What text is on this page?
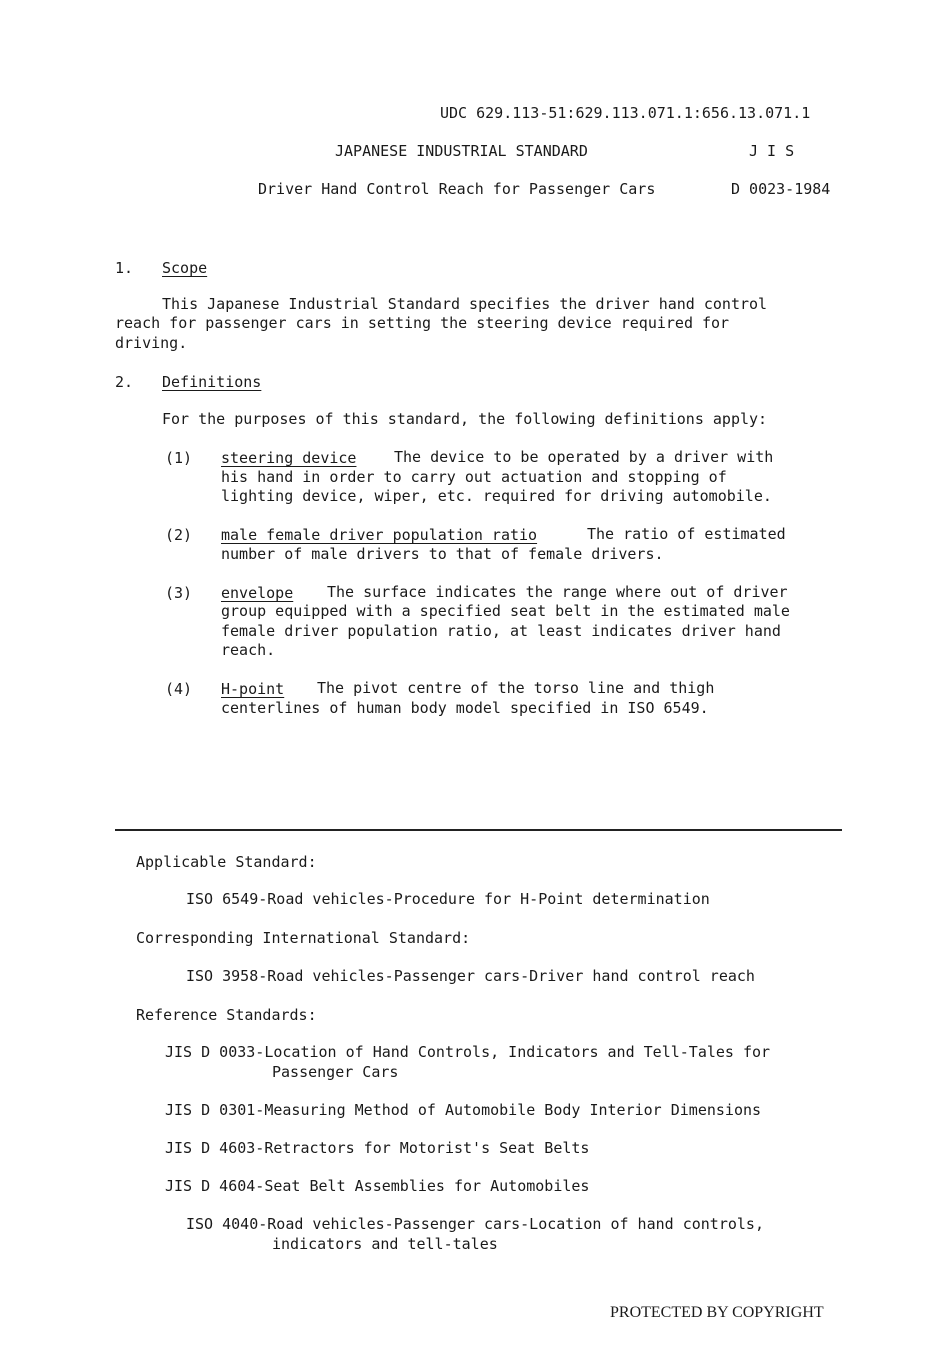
UDC 629.113-51:629.113.071.1:656.13.071.1
JAPANESE INDUSTRIAL STANDARD	J I S
Driver Hand Control Reach for Passenger Cars	D 0023-1984
1. Scope
This Japanese Industrial Standard specifies the driver hand control
reach for passenger cars in setting the steering device required for
driving.
2. Definitions
For the purposes of this standard, the following definitions apply:
(1) steering device	The device to be operated by a driver with
his hand in order to carry out actuation and stopping of
lighting device, wiper, etc. required for driving automobile.
(2) male female driver population ratio	The ratio of estimated
number of male drivers to that of female drivers.
(3) envelope The surface indicates the range where out of driver
group equipped with a specified seat belt in the estimated male
female driver population ratio, at least indicates driver hand
reach.
(4) H-point The pivot centre of the torso line and thigh
centerlines of human body model specified in ISO 6549.
Applicable Standard:
ISO 6549-Road vehicles-Procedure for H-Point determination
Corresponding International Standard:
ISO 3958-Road vehicles-Passenger cars-Driver hand control reach
Reference Standards:
JIS D 0033-Location of Hand Controls, Indicators and Tell-Tales for
Passenger Cars
JIS D 0301-Measuring Method of Automobile Body Interior Dimensions
JIS D 4603-Retractors for Motorist's Seat Belts
JIS D 4604-Seat Belt Assemblies for Automobiles
ISO 4040-Road vehicles-Passenger cars-Location of hand controls,
indicators and tell-tales
PROTECTED BY COPYRIGHT
